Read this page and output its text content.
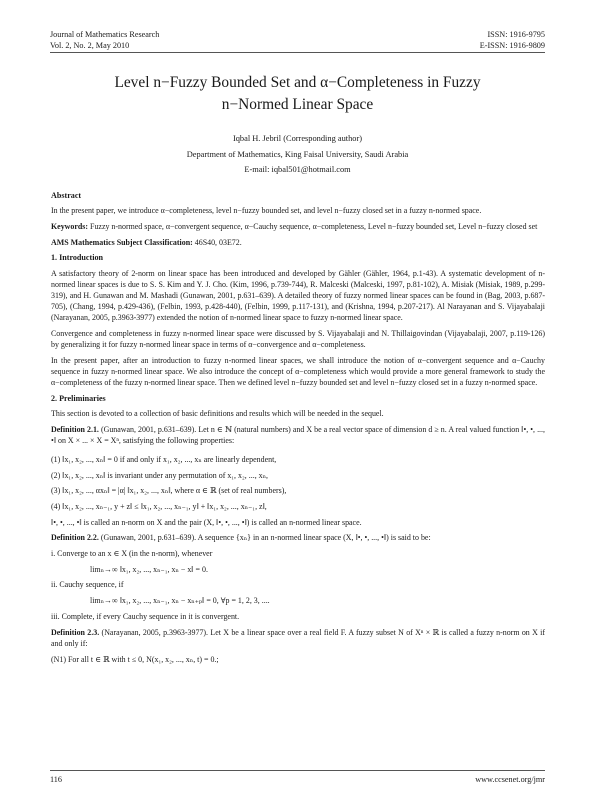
Journal of Mathematics Research
Vol. 2, No. 2, May 2010
ISSN: 1916-9795
E-ISSN: 1916-9809
Level n−Fuzzy Bounded Set and α−Completeness in Fuzzy
n−Normed Linear Space
Iqbal H. Jebril (Corresponding author)
Department of Mathematics, King Faisal University, Saudi Arabia
E-mail: iqbal501@hotmail.com
Abstract

In the present paper, we introduce α−completeness, level n−fuzzy bounded set, and level n−fuzzy closed set in a fuzzy n-normed space.

Keywords: Fuzzy n-normed space, α−convergent sequence, α−Cauchy sequence, α−completeness, Level n−fuzzy bounded set, Level n−fuzzy closed set

AMS Mathematics Subject Classification: 46S40, 03E72.

1. Introduction

A satisfactory theory of 2-norm on linear space has been introduced and developed by Gähler (Gähler, 1964, p.1-43). A systematic development of n-normed linear spaces is due to S. S. Kim and Y. J. Cho. (Kim, 1996, p.739-744), R. Malceski (Malceski, 1997, p.81-102), A. Misiak (Misiak, 1989, p.299-319), and H. Gunawan and M. Mashadi (Gunawan, 2001, p.631–639). A detailed theory of fuzzy normed linear spaces can be found in (Bag, 2003, p.687-705), (Chang, 1994, p.429-436), (Felbin, 1993, p.428-440), (Felbin, 1999, p.117-131), and (Krishna, 1994, p.207-217). Al Narayanan and S. Vijayabalaji (Narayanan, 2005, p.3963-3977) extended the notion of n-normed linear space to fuzzy n-normed linear space.

Convergence and completeness in fuzzy n-normed linear space were discussed by S. Vijayabalaji and N. Thillaigovindan (Vijayabalaji, 2007, p.119-126) by generalizing it for fuzzy n-normed linear space in terms of α−convergence and α−completeness.

In the present paper, after an introduction to fuzzy n-normed linear spaces, we shall introduce the notion of α−convergent sequence and α−Cauchy sequence in fuzzy n-normed linear space. We also introduce the concept of α−completeness which would provide a more general framework to study the α−completeness of the fuzzy n-normed linear space. Then we defined level n−fuzzy bounded set and level n−fuzzy closed set in a fuzzy n-normed space.

2. Preliminaries

This section is devoted to a collection of basic definitions and results which will be needed in the sequel.

Definition 2.1. (Gunawan, 2001, p.631–639). Let n ∈ ℕ (natural numbers) and X be a real vector space of dimension d ≥ n. A real valued function ‖•, •, ..., •‖ on X × ... × X = Xⁿ, satisfying the following properties:

(1) ‖x₁, x₂, ..., xₙ‖ = 0 if and only if x₁, x₂, ..., xₙ are linearly dependent,

(2) ‖x₁, x₂, ..., xₙ‖ is invariant under any permutation of x₁, x₂, ..., xₙ,

(3) ‖x₁, x₂, ..., αxₙ‖ = |α| ‖x₁, x₂, ..., xₙ‖, where α ∈ ℝ (set of real numbers),

(4) ‖x₁, x₂, ..., xₙ₋₁, y + z‖ ≤ ‖x₁, x₂, ..., xₙ₋₁, y‖ + ‖x₁, x₂, ..., xₙ₋₁, z‖,

‖•, •, ..., •‖ is called an n-norm on X and the pair (X, ‖•, •, ..., •‖) is called an n-normed linear space.

Definition 2.2. (Gunawan, 2001, p.631–639). A sequence {xₙ} in an n-normed linear space (X, ‖•, •, ..., •‖) is said to be:

i. Converge to an x ∈ X (in the n-norm), whenever

limₙ→∞ ‖x₁, x₂, ..., xₙ₋₁, xₙ − x‖ = 0.

ii. Cauchy sequence, if

limₙ→∞ ‖x₁, x₂, ..., xₙ₋₁, xₙ − xₙ₊ₚ‖ = 0, ∀p = 1, 2, 3, ....

iii. Complete, if every Cauchy sequence in it is convergent.

Definition 2.3. (Narayanan, 2005, p.3963-3977). Let X be a linear space over a real field F. A fuzzy subset N of Xⁿ × ℝ is called a fuzzy n-norm on X if and only if:

(N1) For all t ∈ ℝ with t ≤ 0, N(x₁, x₂, ..., xₙ, t) = 0.;

116	www.ccsenet.org/jmr
